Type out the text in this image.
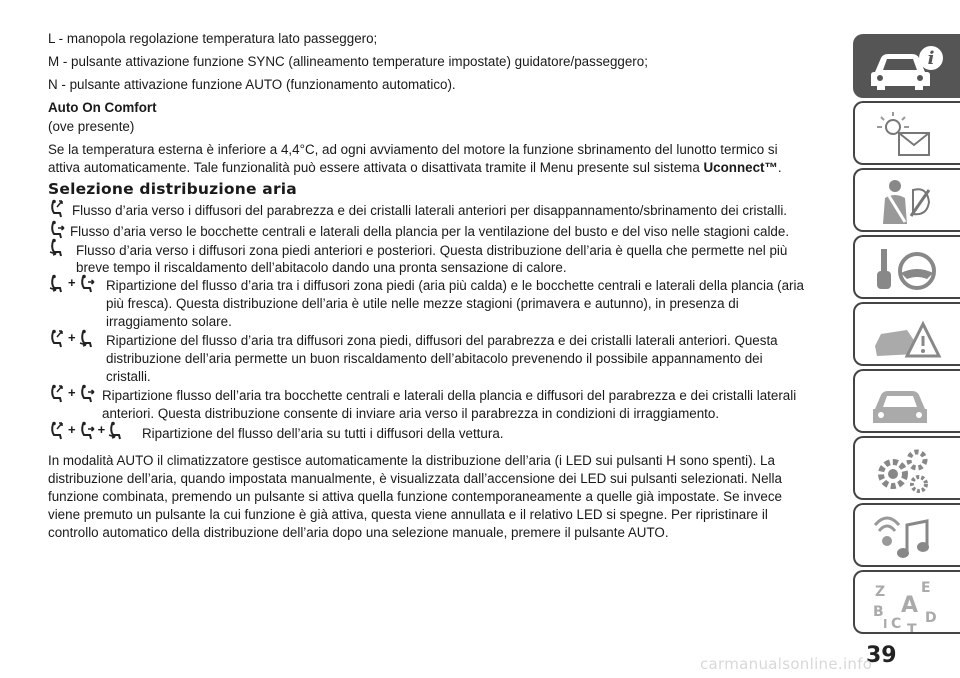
L - manopola regolazione temperatura lato passeggero;
M - pulsante attivazione funzione SYNC (allineamento temperature impostate) guidatore/passeggero;
N - pulsante attivazione funzione AUTO (funzionamento automatico).
Auto On Comfort
(ove presente)
Se la temperatura esterna è inferiore a 4,4°C, ad ogni avviamento del motore la funzione sbrinamento del lunotto termico si
attiva automaticamente. Tale funzionalità può essere attivata o disattivata tramite il Menu presente sul sistema Uconnect™.
Selezione distribuzione aria
Flusso d’aria verso i diffusori del parabrezza e dei cristalli laterali anteriori per disappannamento/sbrinamento dei cristalli.
Flusso d’aria verso le bocchette centrali e laterali della plancia per la ventilazione del busto e del viso nelle stagioni calde.
Flusso d’aria verso i diffusori zona piedi anteriori e posteriori. Questa distribuzione dell’aria è quella che permette nel più
breve tempo il riscaldamento dell’abitacolo dando una pronta sensazione di calore.
+ Ripartizione del flusso d’aria tra i diffusori zona piedi (aria più calda) e le bocchette centrali e laterali della plancia (aria
più fresca). Questa distribuzione dell’aria è utile nelle mezze stagioni (primavera e autunno), in presenza di
irraggiamento solare.
+ Ripartizione del flusso d’aria tra diffusori zona piedi, diffusori del parabrezza e dei cristalli laterali anteriori. Questa
distribuzione dell’aria permette un buon riscaldamento dell’abitacolo prevenendo il possibile appannamento dei
cristalli.
+ Ripartizione flusso dell’aria tra bocchette centrali e laterali della plancia e diffusori del parabrezza e dei cristalli laterali
anteriori. Questa distribuzione consente di inviare aria verso il parabrezza in condizioni di irraggiamento.
+ +	Ripartizione del flusso dell’aria su tutti i diffusori della vettura.
In modalità AUTO il climatizzatore gestisce automaticamente la distribuzione dell’aria (i LED sui pulsanti H sono spenti). La
distribuzione dell’aria, quando impostata manualmente, è visualizzata dall’accensione dei LED sui pulsanti selezionati. Nella
funzione combinata, premendo un pulsante si attiva quella funzione contemporaneamente a quelle già impostate. Se invece
viene premuto un pulsante la cui funzione è già attiva, questa viene annullata e il relativo LED si spegne. Per ripristinare il
controllo automatico della distribuzione dell’aria dopo una selezione manuale, premere il pulsante AUTO.
i
Z	E
B A
C D
T
I
39
carmanualsonline.info
